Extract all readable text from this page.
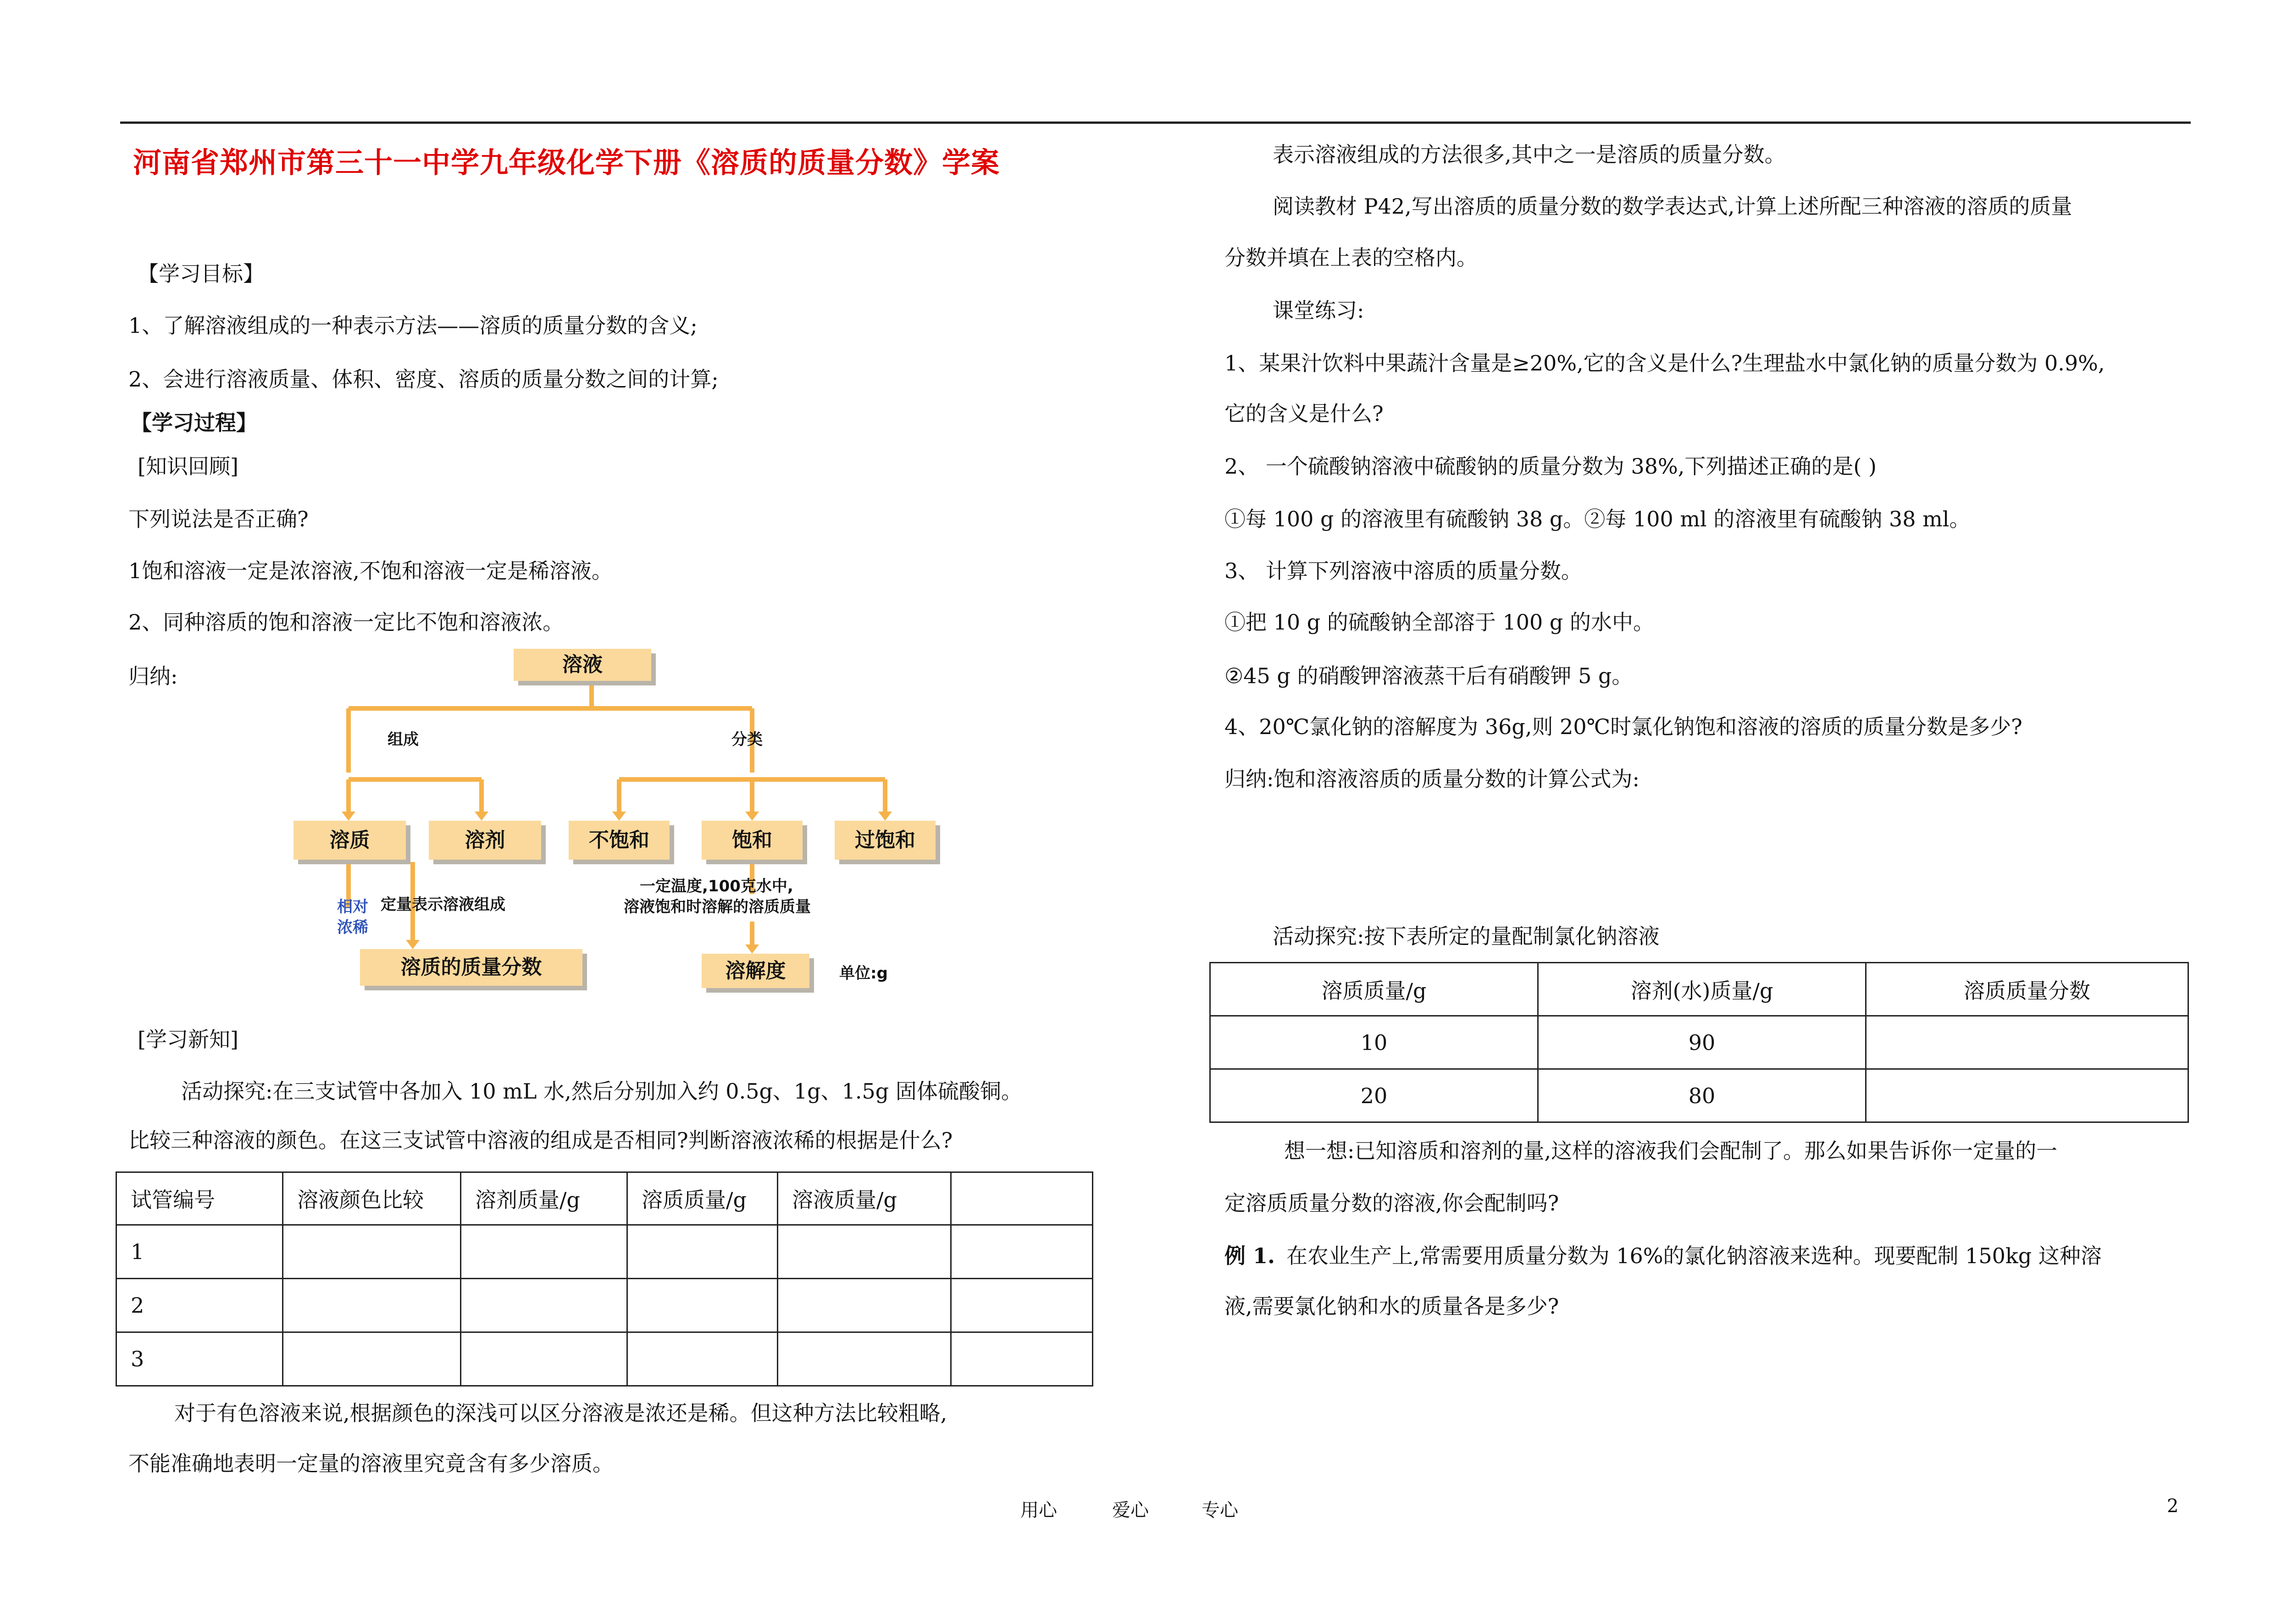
河南省郑州市第三十一中学九年级化学下册《溶质的质量分数》学案
【学习目标】
1、了解溶液组成的一种表示方法——溶质的质量分数的含义;
2、会进行溶液质量、体积、密度、溶质的质量分数之间的计算;
【学习过程】
[知识回顾]
下列说法是否正确?
1饱和溶液一定是浓溶液,不饱和溶液一定是稀溶液。
2、同种溶质的饱和溶液一定比不饱和溶液浓。
归纳:	溶液
组成	分类
溶质	溶剂	不饱和	饱和	过饱和
相对
浓稀
定量表示溶液组成
一定温度,100克水中,
溶液饱和时溶解的溶质质量
溶质的质量分数	溶解度	单位:g
[学习新知]
活动探究:在三支试管中各加入 10 mL 水,然后分别加入约 0.5g、1g、1.5g 固体硫酸铜。
比较三种溶液的颜色。在这三支试管中溶液的组成是否相同?判断溶液浓稀的根据是什么?
试管编号	溶液颜色比较	溶剂质量/g	溶质质量/g	溶液质量/g	
1					
2					
3					
对于有色溶液来说,根据颜色的深浅可以区分溶液是浓还是稀。但这种方法比较粗略,
不能准确地表明一定量的溶液里究竟含有多少溶质。
表示溶液组成的方法很多,其中之一是溶质的质量分数。
阅读教材 P42,写出溶质的质量分数的数学表达式,计算上述所配三种溶液的溶质的质量
分数并填在上表的空格内。
课堂练习:
1、某果汁饮料中果蔬汁含量是≥20%,它的含义是什么?生理盐水中氯化钠的质量分数为 0.9%,
它的含义是什么?
2、 一个硫酸钠溶液中硫酸钠的质量分数为 38%,下列描述正确的是( )
①每 100 g 的溶液里有硫酸钠 38 g。②每 100 ml 的溶液里有硫酸钠 38 ml。
3、 计算下列溶液中溶质的质量分数。
①把 10 g 的硫酸钠全部溶于 100 g 的水中。
②45 g 的硝酸钾溶液蒸干后有硝酸钾 5 g。
4、20℃氯化钠的溶解度为 36g,则 20℃时氯化钠饱和溶液的溶质的质量分数是多少?
归纳:饱和溶液溶质的质量分数的计算公式为:
活动探究:按下表所定的量配制氯化钠溶液
溶质质量/g	溶剂(水)质量/g	溶质质量分数
10	90	
20	80	
想一想:已知溶质和溶剂的量,这样的溶液我们会配制了。那么如果告诉你一定量的一
定溶质质量分数的溶液,你会配制吗?
例 1. 在农业生产上,常需要用质量分数为 16%的氯化钠溶液来选种。现要配制 150kg 这种溶
液,需要氯化钠和水的质量各是多少?
用心	爱心	专心	2
